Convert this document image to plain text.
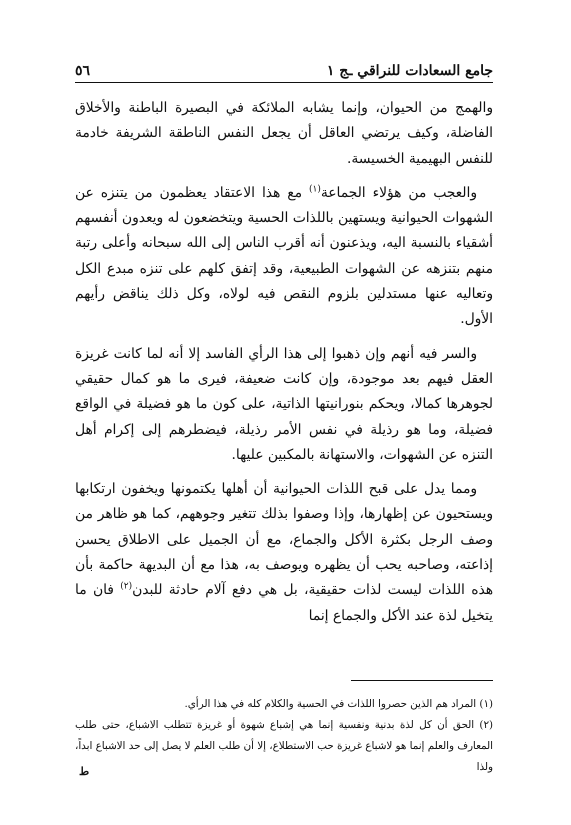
جامع السعادات للنراقي ـج ١
٥٦

والهمج من الحيوان، وإنما يشابه الملائكة في البصيرة الباطنة والأخلاق الفاضلة، وكيف يرتضي العاقل أن يجعل النفس الناطقة الشريفة خادمة للنفس البهيمية الخسيسة.

والعجب من هؤلاء الجماعة$^{(١)}$ مع هذا الاعتقاد يعظمون من يتنزه عن الشهوات الحيوانية ويستهين باللذات الحسية ويتخضعون له ويعدون أنفسهم أشقياء بالنسبة اليه، ويذعنون أنه أقرب الناس إلى الله سبحانه وأعلى رتبة منهم بتنزهه عن الشهوات الطبيعية، وقد إتفق كلهم على تنزه مبدع الكل وتعاليه عنها مستدلين بلزوم النقص فيه لولاه، وكل ذلك يناقض رأيهم الأول.

والسر فيه أنهم وإن ذهبوا إلى هذا الرأي الفاسد إلا أنه لما كانت غريزة العقل فيهم بعد موجودة، وإن كانت ضعيفة، فيرى ما هو كمال حقيقي لجوهرها كمالا، ويحكم بنورانيتها الذاتية، على كون ما هو فضيلة في الواقع فضيلة، وما هو رذيلة في نفس الأمر رذيلة، فيضطرهم إلى إكرام أهل التنزه عن الشهوات، والاستهانة بالمكبين عليها.

ومما يدل على قبح اللذات الحيوانية أن أهلها يكتمونها ويخفون ارتكابها ويستحيون عن إظهارها، وإذا وصفوا بذلك تتغير وجوههم، كما هو ظاهر من وصف الرجل بكثرة الأكل والجماع، مع أن الجميل على الاطلاق يحسن إذاعته، وصاحبه يحب أن يظهره ويوصف به، هذا مع أن البديهة حاكمة بأن هذه اللذات ليست لذات حقيقية، بل هي دفع آلام حادثة للبدن$^{(٢)}$ فان ما يتخيل لذة عند الأكل والجماع إنما

(١) المراد هم الذين حصروا اللذات في الحسية والكلام كله في هذا الرأي.

(٢) الحق أن كل لذة بدنية ونفسية إنما هي إشباع شهوة أو غريزة تتطلب الاشباع، حتى طلب المعارف والعلم إنما هو لاشباع غريزة حب الاستطلاع، إلا أن طلب العلم لا يصل إلى حد الاشباع ابداً، ولذا

ط
